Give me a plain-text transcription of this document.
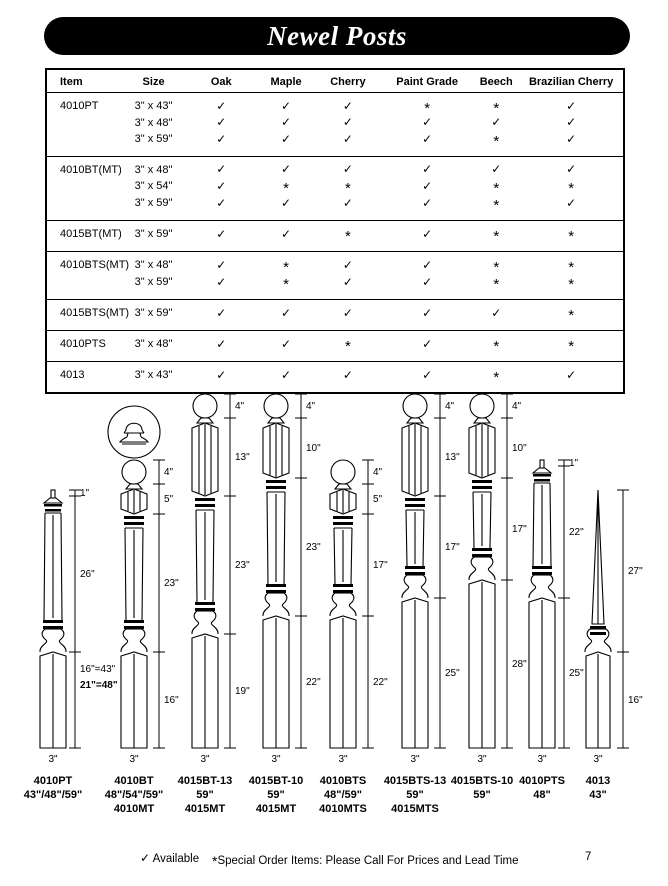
Newel Posts
Item	Size	Oak	Maple	Cherry	Paint Grade	Beech	Brazilian Cherry
4010PT	3" x 43"	✓	✓	✓	*	*	✓
3" x 48"	✓	✓	✓	✓	✓	✓
3" x 59"	✓	✓	✓	✓	*	✓
4010BT(MT)	3" x 48"	✓	✓	✓	✓	✓	✓
3" x 54"	✓	*	*	✓	*	*
3" x 59"	✓	✓	✓	✓	*	✓
4015BT(MT)	3" x 59"	✓	✓	*	✓	*	*
4010BTS(MT) 3" x 48"	✓	*	✓	✓	*	*
3" x 59"	✓	*	✓	✓	*	*
4015BTS(MT) 3" x 59"	✓	✓	✓	✓	✓	*
4010PTS	3" x 48"	✓	✓	*	✓	*	*
4013	3" x 43"	✓	✓	✓	✓	*	✓
1"
26"
16"=43"
21"=48"
3"
4"
5"
23"
16"
3"
4"
13"
23"
19"
3"
4"
10"
23"
22"
3"
4"
5"
17"
22"
3"
4"
13"
17"
25"
3"
4"
10"
17"
28"
3"
1"
22"
25"
3"
27"
16"
3"
4010PT
43"/48"/59"
4010BT
48"/54"/59"
4010MT
4015BT-13
59"
4015MT
4015BT-10
59"
4015MT
4010BTS
48"/59"
4010MTS
4015BTS-13
59"
4015MTS
4015BTS-10
59"
4010PTS
48"
4013
43"
✓ Available *Special Order Items: Please Call For Prices and Lead Time	7
